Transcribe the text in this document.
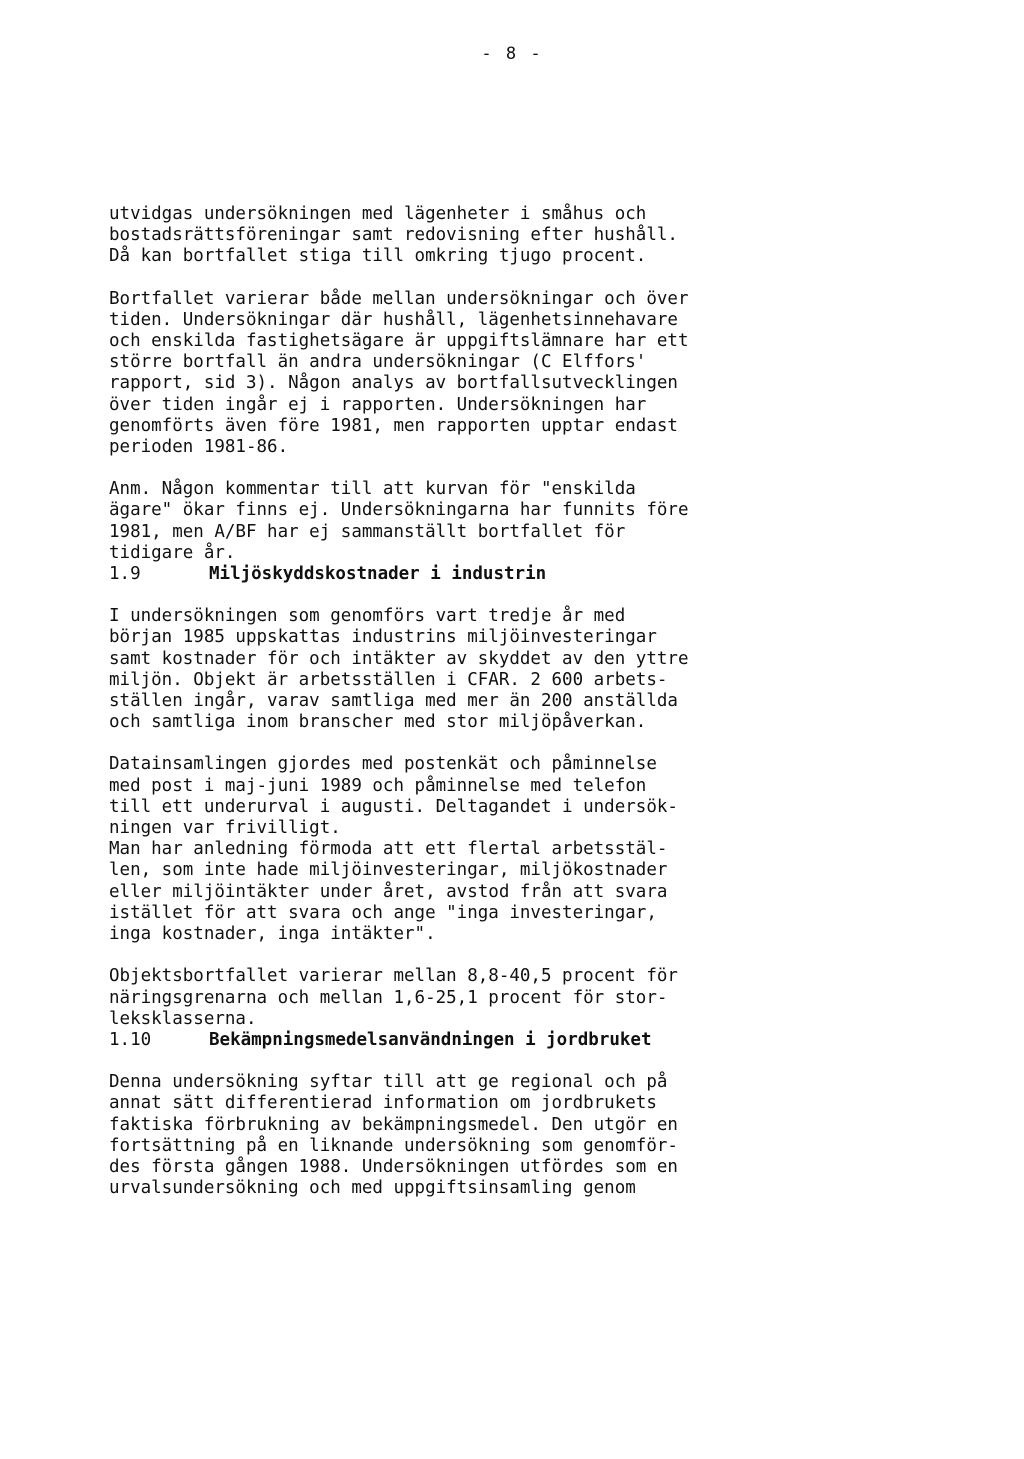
- 8 -

utvidgas undersökningen med lägenheter i småhus och
bostadsrättsföreningar samt redovisning efter hushåll.
Då kan bortfallet stiga till omkring tjugo procent.

Bortfallet varierar både mellan undersökningar och över
tiden. Undersökningar där hushåll, lägenhetsinnehavare
och enskilda fastighetsägare är uppgiftslämnare har ett
större bortfall än andra undersökningar (C Elffors'
rapport, sid 3). Någon analys av bortfallsutvecklingen
över tiden ingår ej i rapporten. Undersökningen har
genomförts även före 1981, men rapporten upptar endast
perioden 1981-86.

Anm. Någon kommentar till att kurvan för "enskilda
ägare" ökar finns ej. Undersökningarna har funnits före
1981, men A/BF har ej sammanställt bortfallet för
tidigare år.

1.9	Miljöskyddskostnader i industrin

I undersökningen som genomförs vart tredje år med
början 1985 uppskattas industrins miljöinvesteringar
samt kostnader för och intäkter av skyddet av den yttre
miljön. Objekt är arbetsställen i CFAR. 2 600 arbets-
ställen ingår, varav samtliga med mer än 200 anställda
och samtliga inom branscher med stor miljöpåverkan.

Datainsamlingen gjordes med postenkät och påminnelse
med post i maj-juni 1989 och påminnelse med telefon
till ett underurval i augusti. Deltagandet i undersök-
ningen var frivilligt.
Man har anledning förmoda att ett flertal arbetsstäl-
len, som inte hade miljöinvesteringar, miljökostnader
eller miljöintäkter under året, avstod från att svara
istället för att svara och ange "inga investeringar,
inga kostnader, inga intäkter".

Objektsbortfallet varierar mellan 8,8-40,5 procent för
näringsgrenarna och mellan 1,6-25,1 procent för stor-
leksklasserna.

1.10	Bekämpningsmedelsanvändningen i jordbruket

Denna undersökning syftar till att ge regional och på
annat sätt differentierad information om jordbrukets
faktiska förbrukning av bekämpningsmedel. Den utgör en
fortsättning på en liknande undersökning som genomför-
des första gången 1988. Undersökningen utfördes som en
urvalsundersökning och med uppgiftsinsamling genom
